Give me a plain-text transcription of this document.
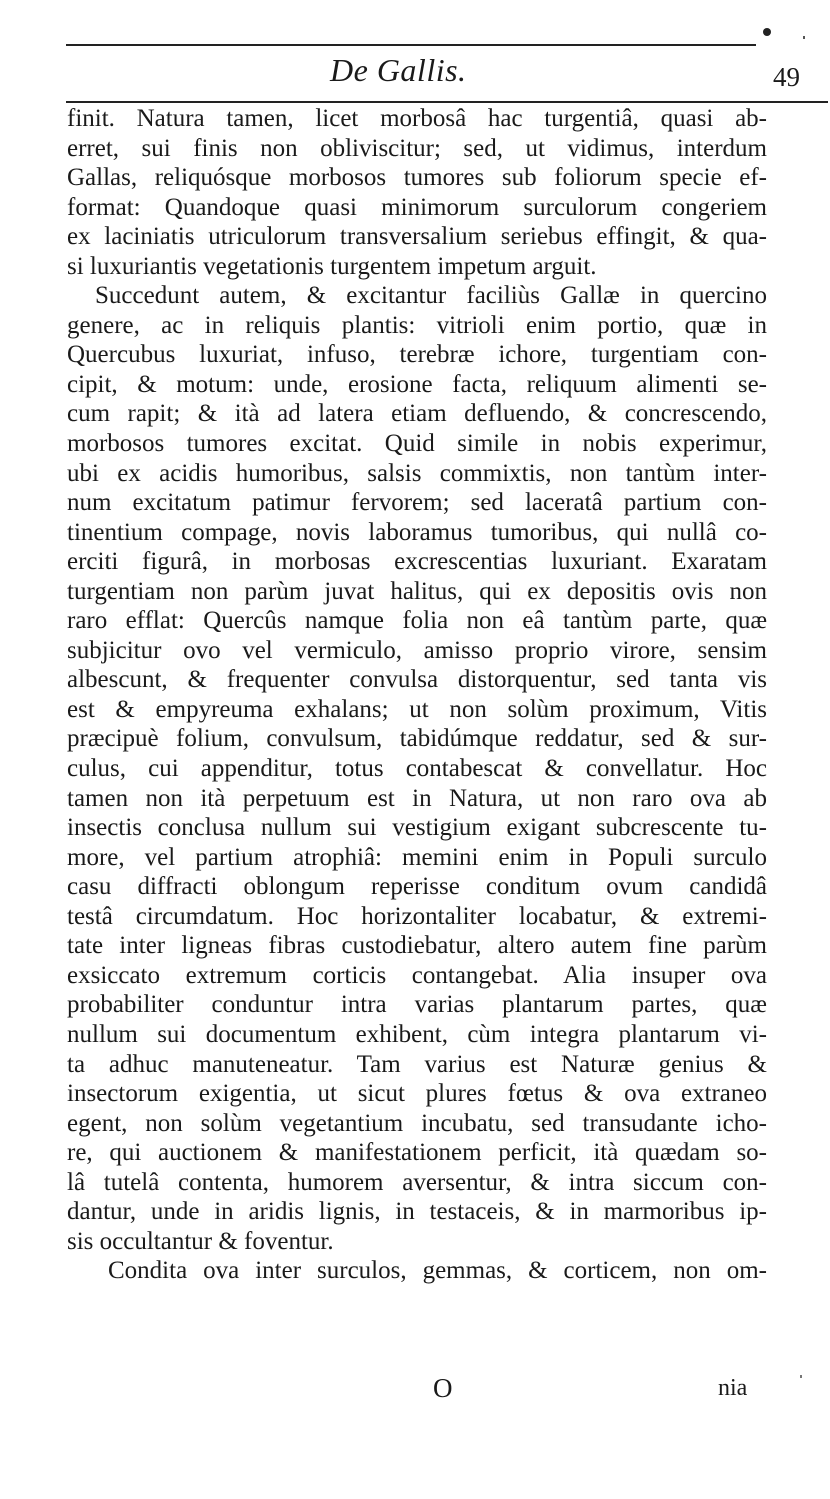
De Gallis.	49
finit. Natura tamen, licet morbosâ hac turgentiâ, quasi ab-
erret, sui finis non obliviscitur; sed, ut vidimus, interdum
Gallas, reliquósque morbosos tumores sub foliorum specie ef-
format: Quandoque quasi minimorum surculorum congeriem
ex laciniatis utriculorum transversalium seriebus effingit, & qua-
si luxuriantis vegetationis turgentem impetum arguit.
Succedunt autem, & excitantur faciliùs Gallæ in quercino
genere, ac in reliquis plantis: vitrioli enim portio, quæ in
Quercubus luxuriat, infuso, terebræ ichore, turgentiam con-
cipit, & motum: unde, erosione facta, reliquum alimenti se-
cum rapit; & ità ad latera etiam defluendo, & concrescendo,
morbosos tumores excitat. Quid simile in nobis experimur,
ubi ex acidis humoribus, salsis commixtis, non tantùm inter-
num excitatum patimur fervorem; sed laceratâ partium con-
tinentium compage, novis laboramus tumoribus, qui nullâ co-
erciti figurâ, in morbosas excrescentias luxuriant. Exaratam
turgentiam non parùm juvat halitus, qui ex depositis ovis non
raro efflat: Quercûs namque folia non eâ tantùm parte, quæ
subjicitur ovo vel vermiculo, amisso proprio virore, sensim
albescunt, & frequenter convulsa distorquentur, sed tanta vis
est & empyreuma exhalans; ut non solùm proximum, Vitis
præcipuè folium, convulsum, tabidúmque reddatur, sed & sur-
culus, cui appenditur, totus contabescat & convellatur. Hoc
tamen non ità perpetuum est in Natura, ut non raro ova ab
insectis conclusa nullum sui vestigium exigant subcrescente tu-
more, vel partium atrophiâ: memini enim in Populi surculo
casu diffracti oblongum reperisse conditum ovum candidâ
testâ circumdatum. Hoc horizontaliter locabatur, & extremi-
tate inter ligneas fibras custodiebatur, altero autem fine parùm
exsiccato extremum corticis contangebat. Alia insuper ova
probabiliter conduntur intra varias plantarum partes, quæ
nullum sui documentum exhibent, cùm integra plantarum vi-
ta adhuc manuteneatur. Tam varius est Naturæ genius &
insectorum exigentia, ut sicut plures fœtus & ova extraneo
egent, non solùm vegetantium incubatu, sed transudante icho-
re, qui auctionem & manifestationem perficit, ità quædam so-
lâ tutelâ contenta, humorem aversentur, & intra siccum con-
dantur, unde in aridis lignis, in testaceis, & in marmoribus ip-
sis occultantur & foventur.
Condita ova inter surculos, gemmas, & corticem, non om-
O	nia
